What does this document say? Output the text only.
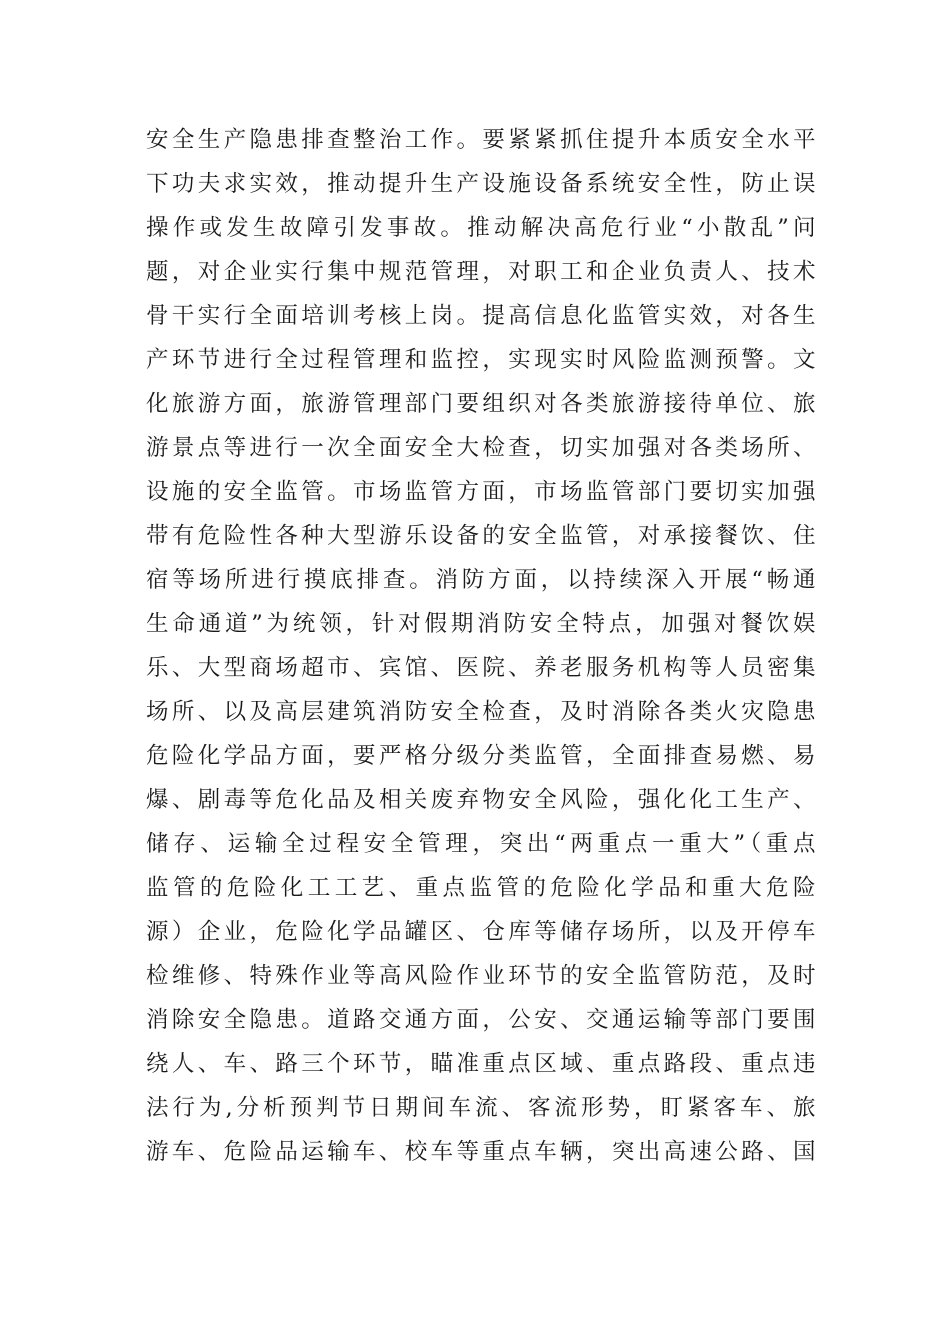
安全生产隐患排查整治工作。要紧紧抓住提升本质安全水平
下功夫求实效，推动提升生产设施设备系统安全性，防止误
操作或发生故障引发事故。推动解决高危行业“小散乱”问
题，对企业实行集中规范管理，对职工和企业负责人、技术
骨干实行全面培训考核上岗。提高信息化监管实效，对各生
产环节进行全过程管理和监控，实现实时风险监测预警。文
化旅游方面，旅游管理部门要组织对各类旅游接待单位、旅
游景点等进行一次全面安全大检查，切实加强对各类场所、
设施的安全监管。市场监管方面，市场监管部门要切实加强
带有危险性各种大型游乐设备的安全监管，对承接餐饮、住
宿等场所进行摸底排查。消防方面，以持续深入开展“畅通
生命通道”为统领，针对假期消防安全特点，加强对餐饮娱
乐、大型商场超市、宾馆、医院、养老服务机构等人员密集
场所、以及高层建筑消防安全检查，及时消除各类火灾隐患
危险化学品方面，要严格分级分类监管，全面排查易燃、易
爆、剧毒等危化品及相关废弃物安全风险，强化化工生产、
储存、运输全过程安全管理，突出“两重点一重大”（重点
监管的危险化工工艺、重点监管的危险化学品和重大危险
源）企业，危险化学品罐区、仓库等储存场所，以及开停车
检维修、特殊作业等高风险作业环节的安全监管防范，及时
消除安全隐患。道路交通方面，公安、交通运输等部门要围
绕人、车、路三个环节，瞄准重点区域、重点路段、重点违
法行为,分析预判节日期间车流、客流形势，盯紧客车、旅
游车、危险品运输车、校车等重点车辆，突出高速公路、国
